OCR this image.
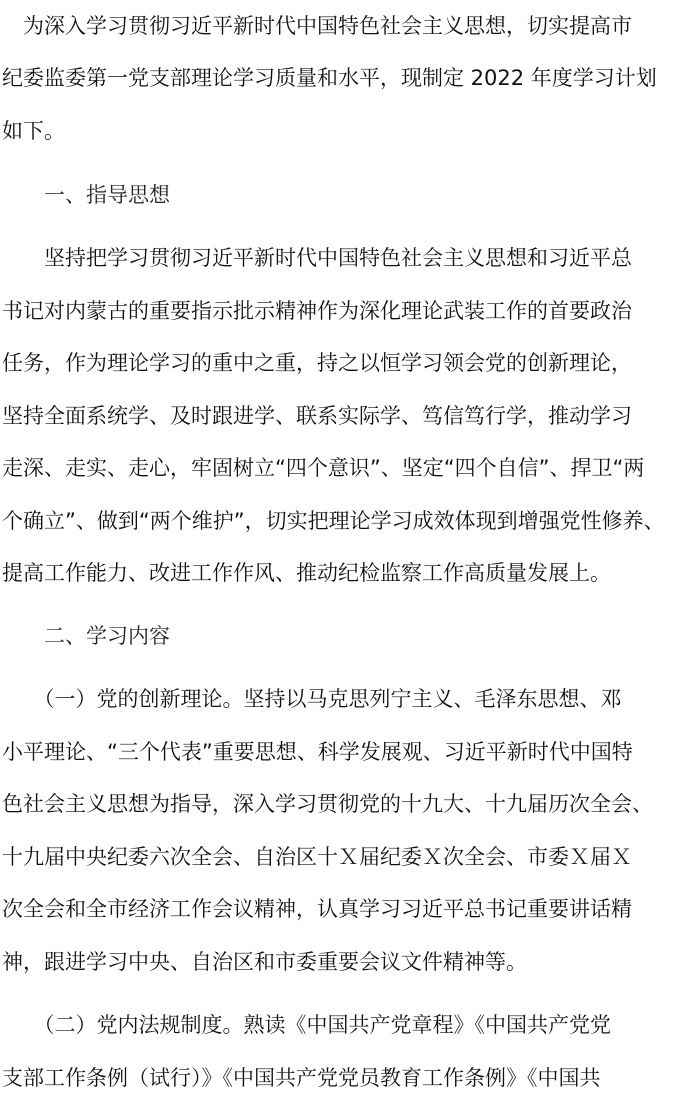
　为深入学习贯彻习近平新时代中国特色社会主义思想，切实提高市
纪委监委第一党支部理论学习质量和水平，现制定 2022 年度学习计划
如下。
　　一、指导思想
　　坚持把学习贯彻习近平新时代中国特色社会主义思想和习近平总
书记对内蒙古的重要指示批示精神作为深化理论武装工作的首要政治
任务，作为理论学习的重中之重，持之以恒学习领会党的创新理论，
坚持全面系统学、及时跟进学、联系实际学、笃信笃行学，推动学习
走深、走实、走心，牢固树立“四个意识”、坚定“四个自信”、捍卫“两
个确立”、做到“两个维护”，切实把理论学习成效体现到增强党性修养、
提高工作能力、改进工作作风、推动纪检监察工作高质量发展上。
　　二、学习内容
　　（一）党的创新理论。坚持以马克思列宁主义、毛泽东思想、邓
小平理论、“三个代表”重要思想、科学发展观、习近平新时代中国特
色社会主义思想为指导，深入学习贯彻党的十九大、十九届历次全会、
十九届中央纪委六次全会、自治区十Ｘ届纪委Ｘ次全会、市委Ｘ届Ｘ
次全会和全市经济工作会议精神，认真学习习近平总书记重要讲话精
神，跟进学习中央、自治区和市委重要会议文件精神等。
　　（二）党内法规制度。熟读《中国共产党章程》《中国共产党党
支部工作条例（试行）》《中国共产党党员教育工作条例》《中国共
